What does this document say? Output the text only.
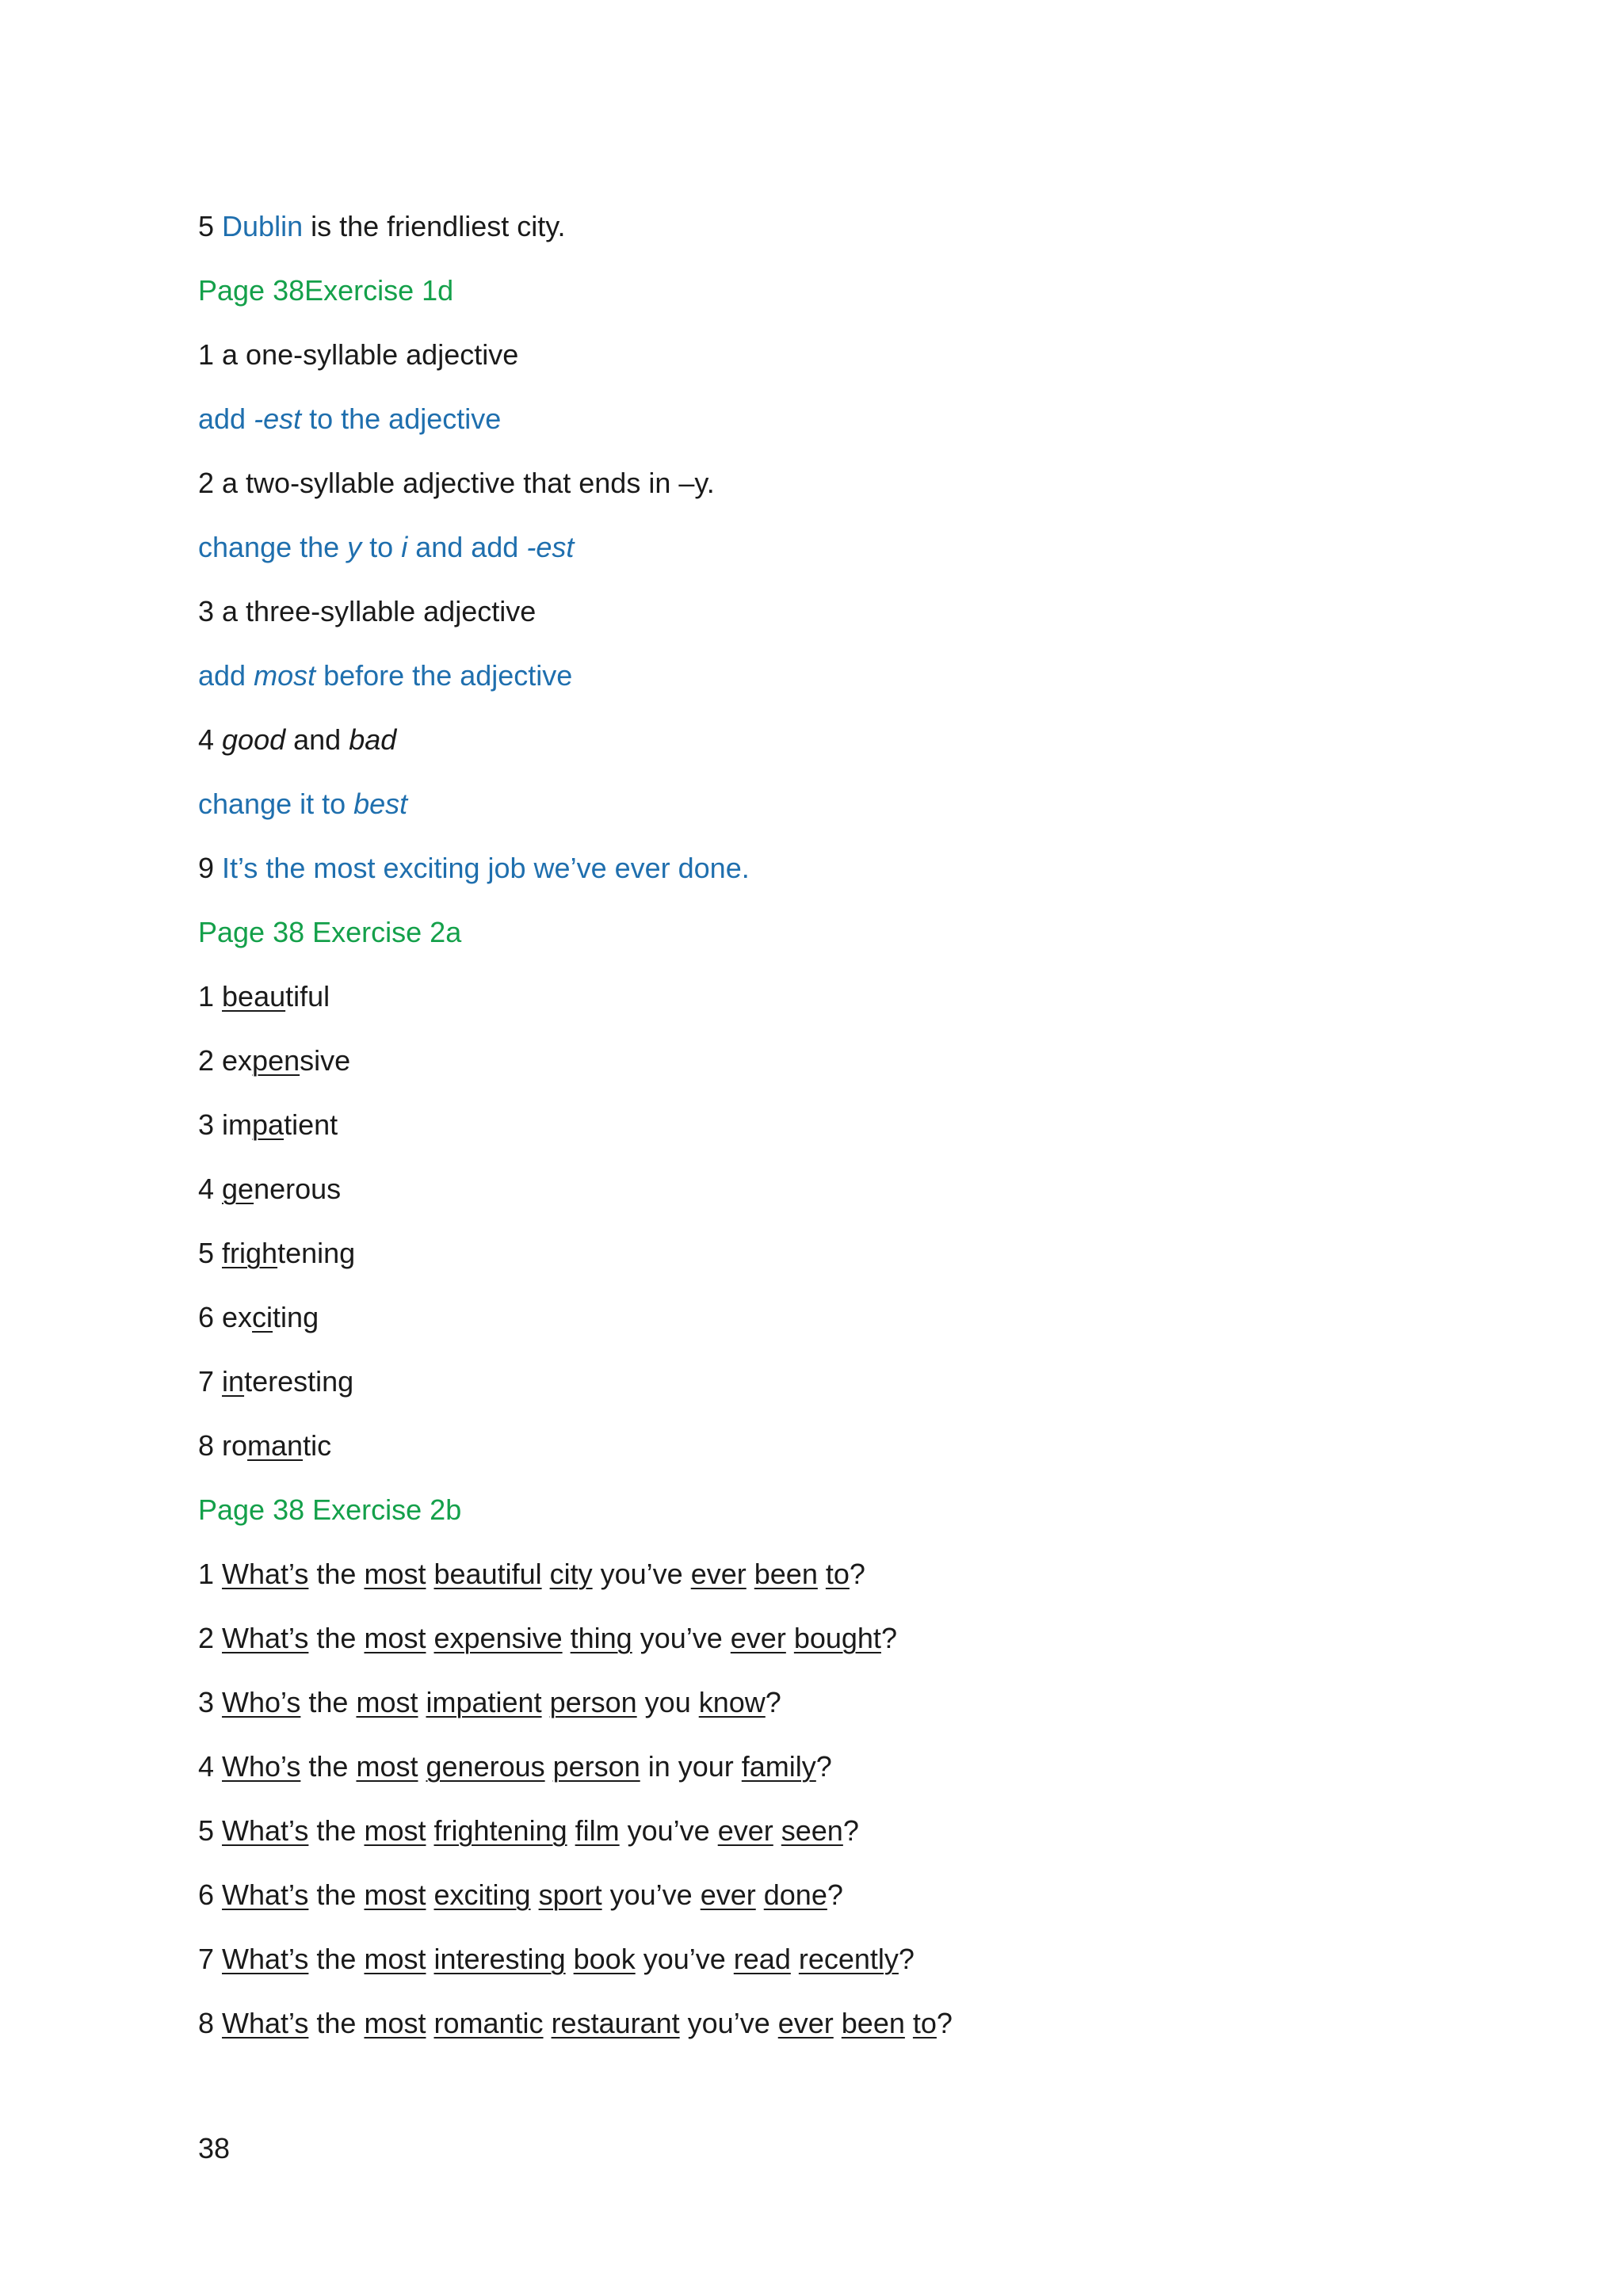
5 Dublin is the friendliest city.
Page 38Exercise 1d
1 a one-syllable adjective
add -est to the adjective
2 a two-syllable adjective that ends in –y.
change the y to i and add -est
3 a three-syllable adjective
add most before the adjective
4 good and bad
change it to best
9 It’s the most exciting job we’ve ever done.
Page 38 Exercise 2a
1 beautiful
2 expensive
3 impatient
4 generous
5 frightening
6 exciting
7 interesting
8 romantic
Page 38 Exercise 2b
1 What’s the most beautiful city you’ve ever been to?
2 What’s the most expensive thing you’ve ever bought?
3 Who’s the most impatient person you know?
4 Who’s the most generous person in your family?
5 What’s the most frightening film you’ve ever seen?
6 What’s the most exciting sport you’ve ever done?
7 What’s the most interesting book you’ve read recently?
8 What’s the most romantic restaurant you’ve ever been to?
38
